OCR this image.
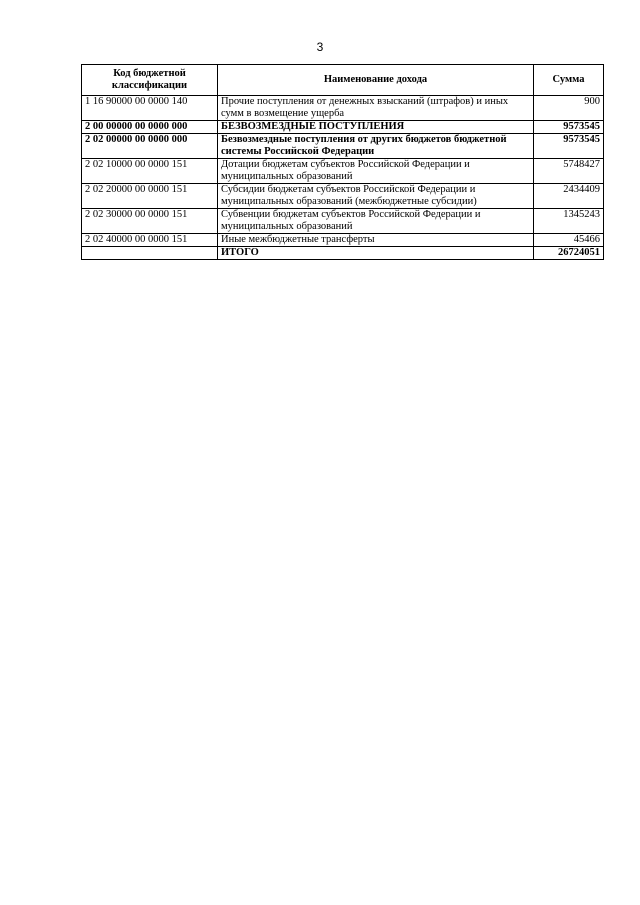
3
Код бюджетной классификации	Наименование дохода	Сумма
1 16 90000 00 0000 140	Прочие поступления от денежных взысканий (штрафов) и иных сумм в возмещение ущерба	900
2 00 00000 00 0000 000	БЕЗВОЗМЕЗДНЫЕ ПОСТУПЛЕНИЯ	9573545
2 02 00000 00 0000 000	Безвозмездные поступления от других бюджетов бюджетной системы Российской Федерации	9573545
2 02 10000 00 0000 151	Дотации бюджетам субъектов Российской Федерации и муниципальных образований	5748427
2 02 20000 00 0000 151	Субсидии бюджетам субъектов Российской Федерации и муниципальных образований (межбюджетные субсидии)	2434409
2 02 30000 00 0000 151	Субвенции бюджетам субъектов Российской Федерации и муниципальных образований	1345243
2 02 40000 00 0000 151	Иные межбюджетные трансферты	45466
	ИТОГО	26724051
